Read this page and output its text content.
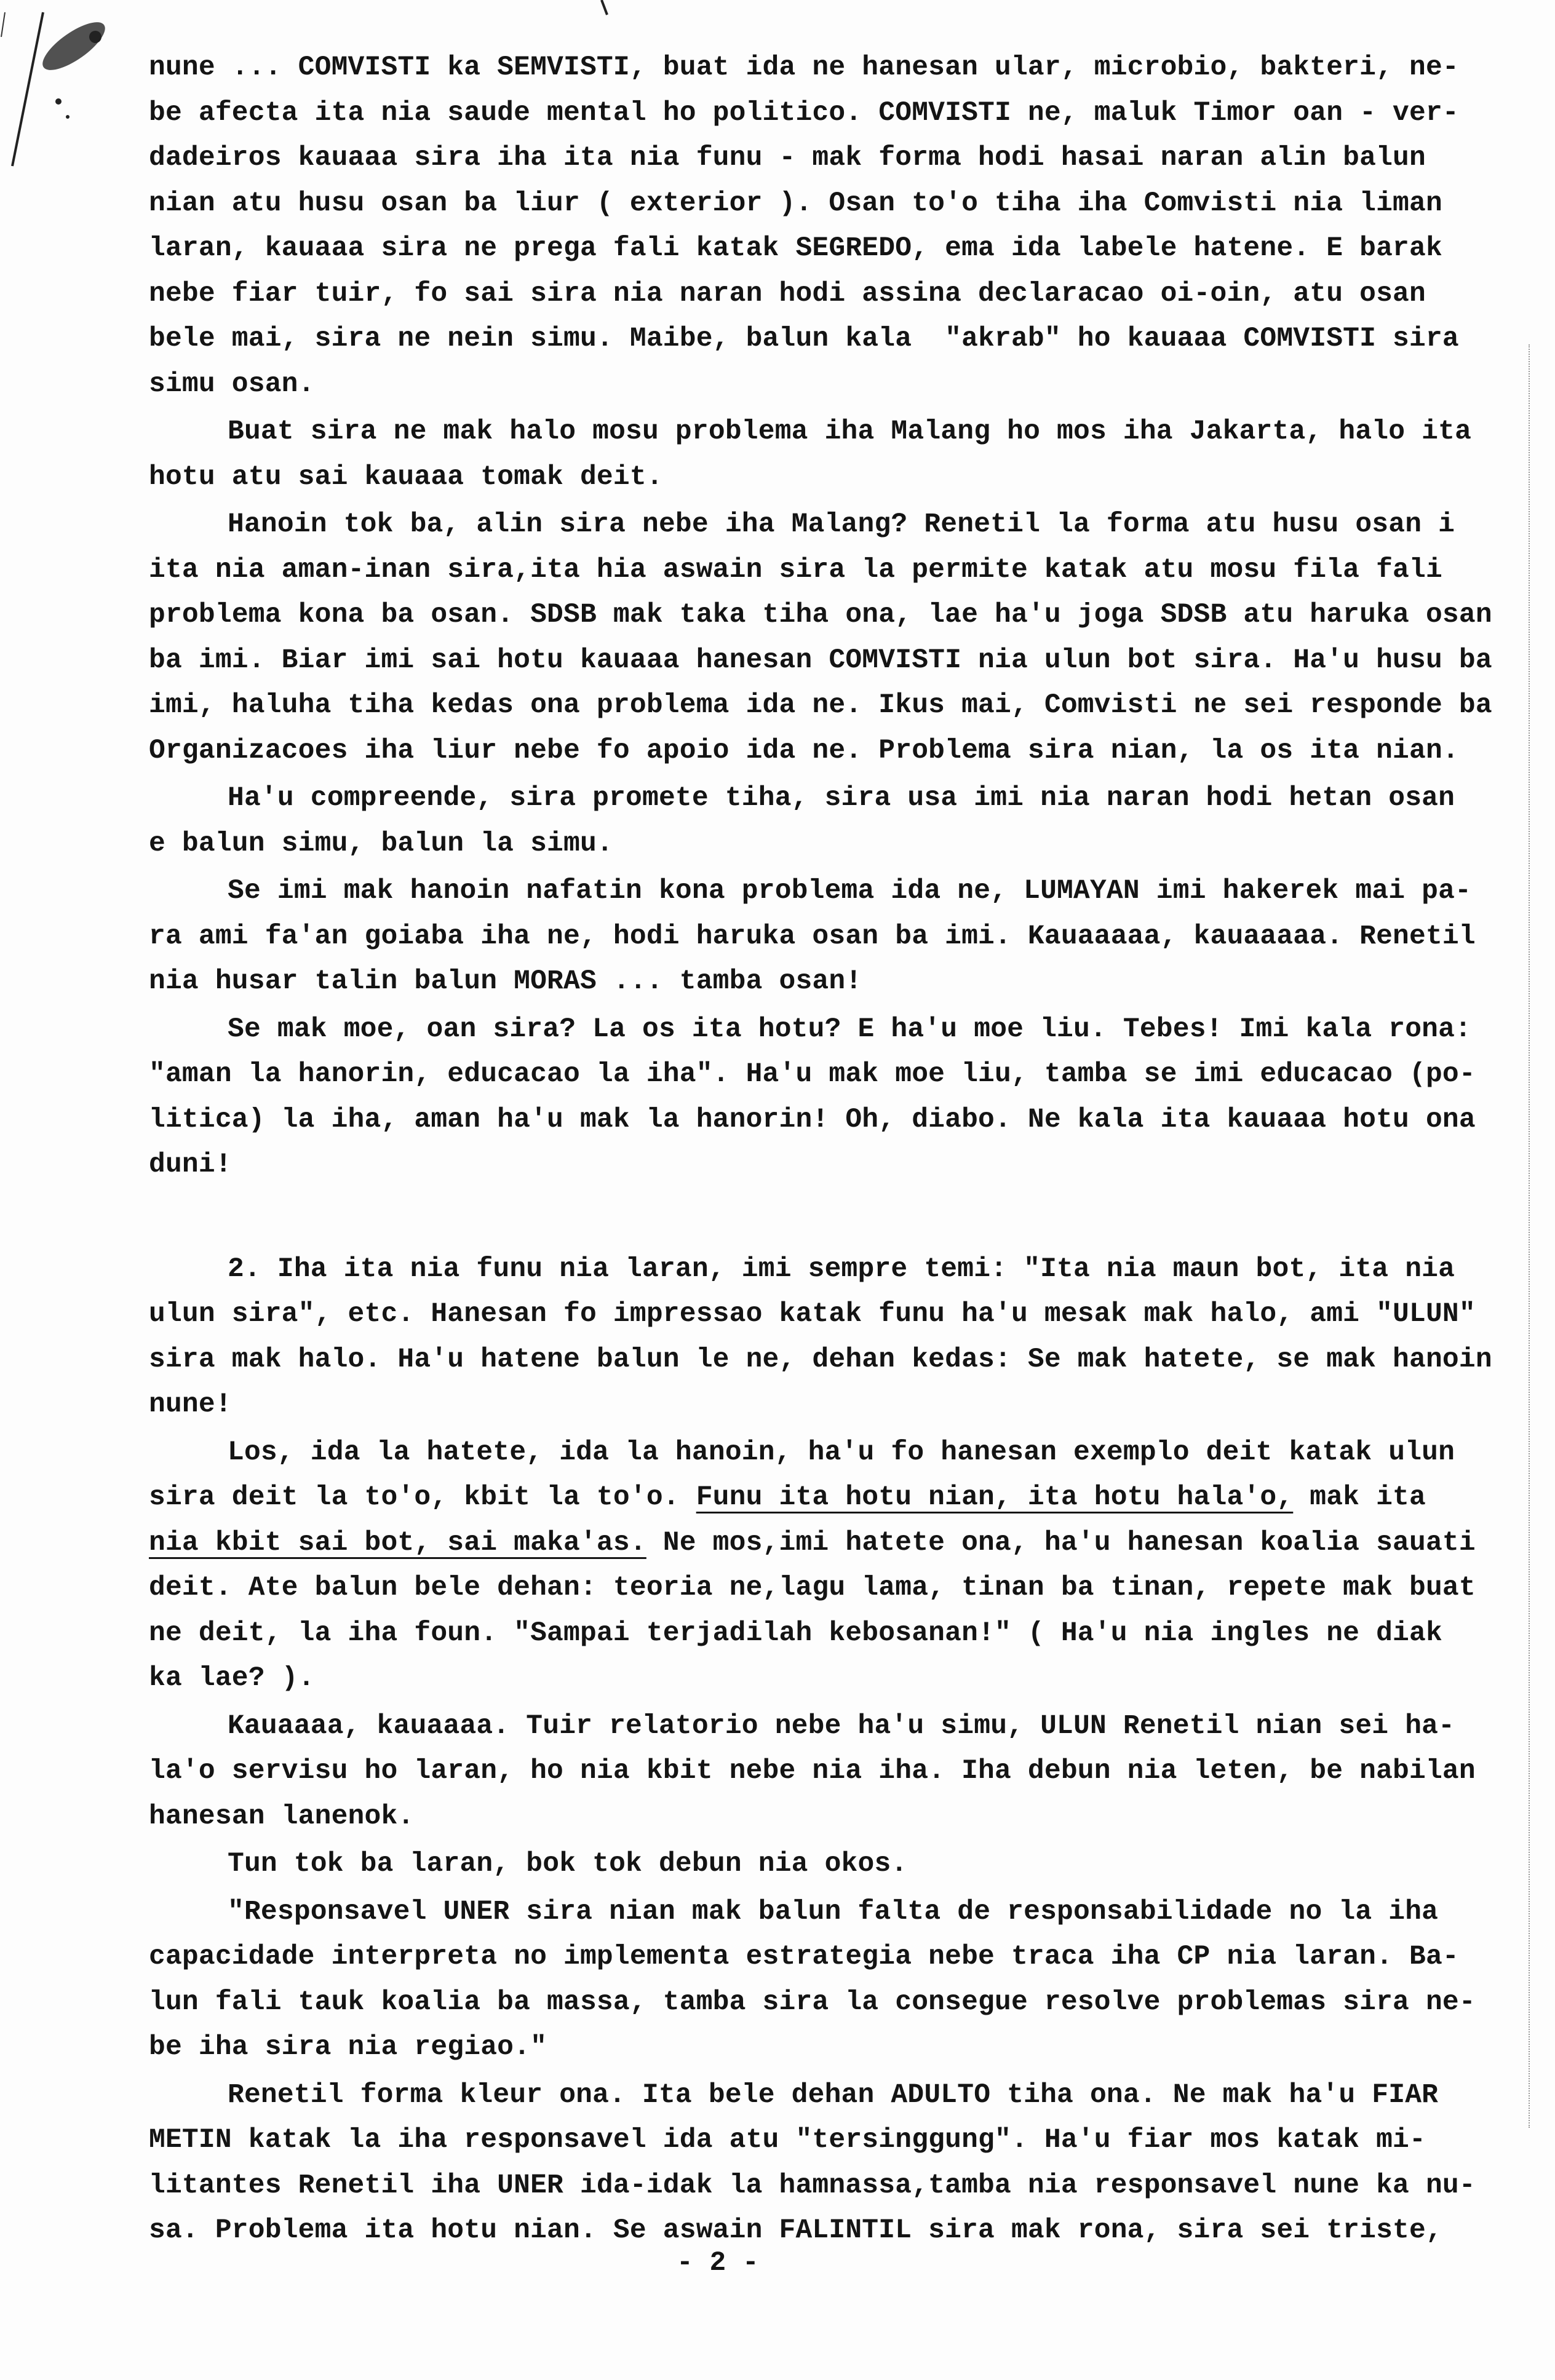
nune ... COMVISTI ka SEMVISTI, buat ida ne hanesan ular, microbio, bakteri, ne-
be afecta ita nia saude mental ho politico. COMVISTI ne, maluk Timor oan - ver-
dadeiros kauaaa sira iha ita nia funu - mak forma hodi hasai naran alin balun
nian atu husu osan ba liur ( exterior ). Osan to'o tiha iha Comvisti nia liman
laran, kauaaa sira ne prega fali katak SEGREDO, ema ida labele hatene. E barak
nebe fiar tuir, fo sai sira nia naran hodi assina declaracao oi-oin, atu osan
bele mai, sira ne nein simu. Maibe, balun kala  "akrab" ho kauaaa COMVISTI sira
simu osan.
Buat sira ne mak halo mosu problema iha Malang ho mos iha Jakarta, halo ita
hotu atu sai kauaaa tomak deit.
Hanoin tok ba, alin sira nebe iha Malang? Renetil la forma atu husu osan i
ita nia aman-inan sira,ita hia aswain sira la permite katak atu mosu fila fali
problema kona ba osan. SDSB mak taka tiha ona, lae ha'u joga SDSB atu haruka osan
ba imi. Biar imi sai hotu kauaaa hanesan COMVISTI nia ulun bot sira. Ha'u husu ba
imi, haluha tiha kedas ona problema ida ne. Ikus mai, Comvisti ne sei responde ba
Organizacoes iha liur nebe fo apoio ida ne. Problema sira nian, la os ita nian.
Ha'u compreende, sira promete tiha, sira usa imi nia naran hodi hetan osan
e balun simu, balun la simu.
Se imi mak hanoin nafatin kona problema ida ne, LUMAYAN imi hakerek mai pa-
ra ami fa'an goiaba iha ne, hodi haruka osan ba imi. Kauaaaaa, kauaaaaa. Renetil
nia husar talin balun MORAS ... tamba osan!
Se mak moe, oan sira? La os ita hotu? E ha'u moe liu. Tebes! Imi kala rona:
"aman la hanorin, educacao la iha". Ha'u mak moe liu, tamba se imi educacao (po-
litica) la iha, aman ha'u mak la hanorin! Oh, diabo. Ne kala ita kauaaa hotu ona
duni!
2. Iha ita nia funu nia laran, imi sempre temi: "Ita nia maun bot, ita nia
ulun sira", etc. Hanesan fo impressao katak funu ha'u mesak mak halo, ami "ULUN"
sira mak halo. Ha'u hatene balun le ne, dehan kedas: Se mak hatete, se mak hanoin
nune!
Los, ida la hatete, ida la hanoin, ha'u fo hanesan exemplo deit katak ulun
sira deit la to'o, kbit la to'o. Funu ita hotu nian, ita hotu hala'o, mak ita
nia kbit sai bot, sai maka'as. Ne mos,imi hatete ona, ha'u hanesan koalia sauati
deit. Ate balun bele dehan: teoria ne,lagu lama, tinan ba tinan, repete mak buat
ne deit, la iha foun. "Sampai terjadilah kebosanan!" ( Ha'u nia ingles ne diak
ka lae? ).
Kauaaaa, kauaaaa. Tuir relatorio nebe ha'u simu, ULUN Renetil nian sei ha-
la'o servisu ho laran, ho nia kbit nebe nia iha. Iha debun nia leten, be nabilan
hanesan lanenok.
Tun tok ba laran, bok tok debun nia okos.
"Responsavel UNER sira nian mak balun falta de responsabilidade no la iha
capacidade interpreta no implementa estrategia nebe traca iha CP nia laran. Ba-
lun fali tauk koalia ba massa, tamba sira la consegue resolve problemas sira ne-
be iha sira nia regiao."
Renetil forma kleur ona. Ita bele dehan ADULTO tiha ona. Ne mak ha'u FIAR
METIN katak la iha responsavel ida atu "tersinggung". Ha'u fiar mos katak mi-
litantes Renetil iha UNER ida-idak la hamnassa,tamba nia responsavel nune ka nu-
sa. Problema ita hotu nian. Se aswain FALINTIL sira mak rona, sira sei triste,
- 2 -
